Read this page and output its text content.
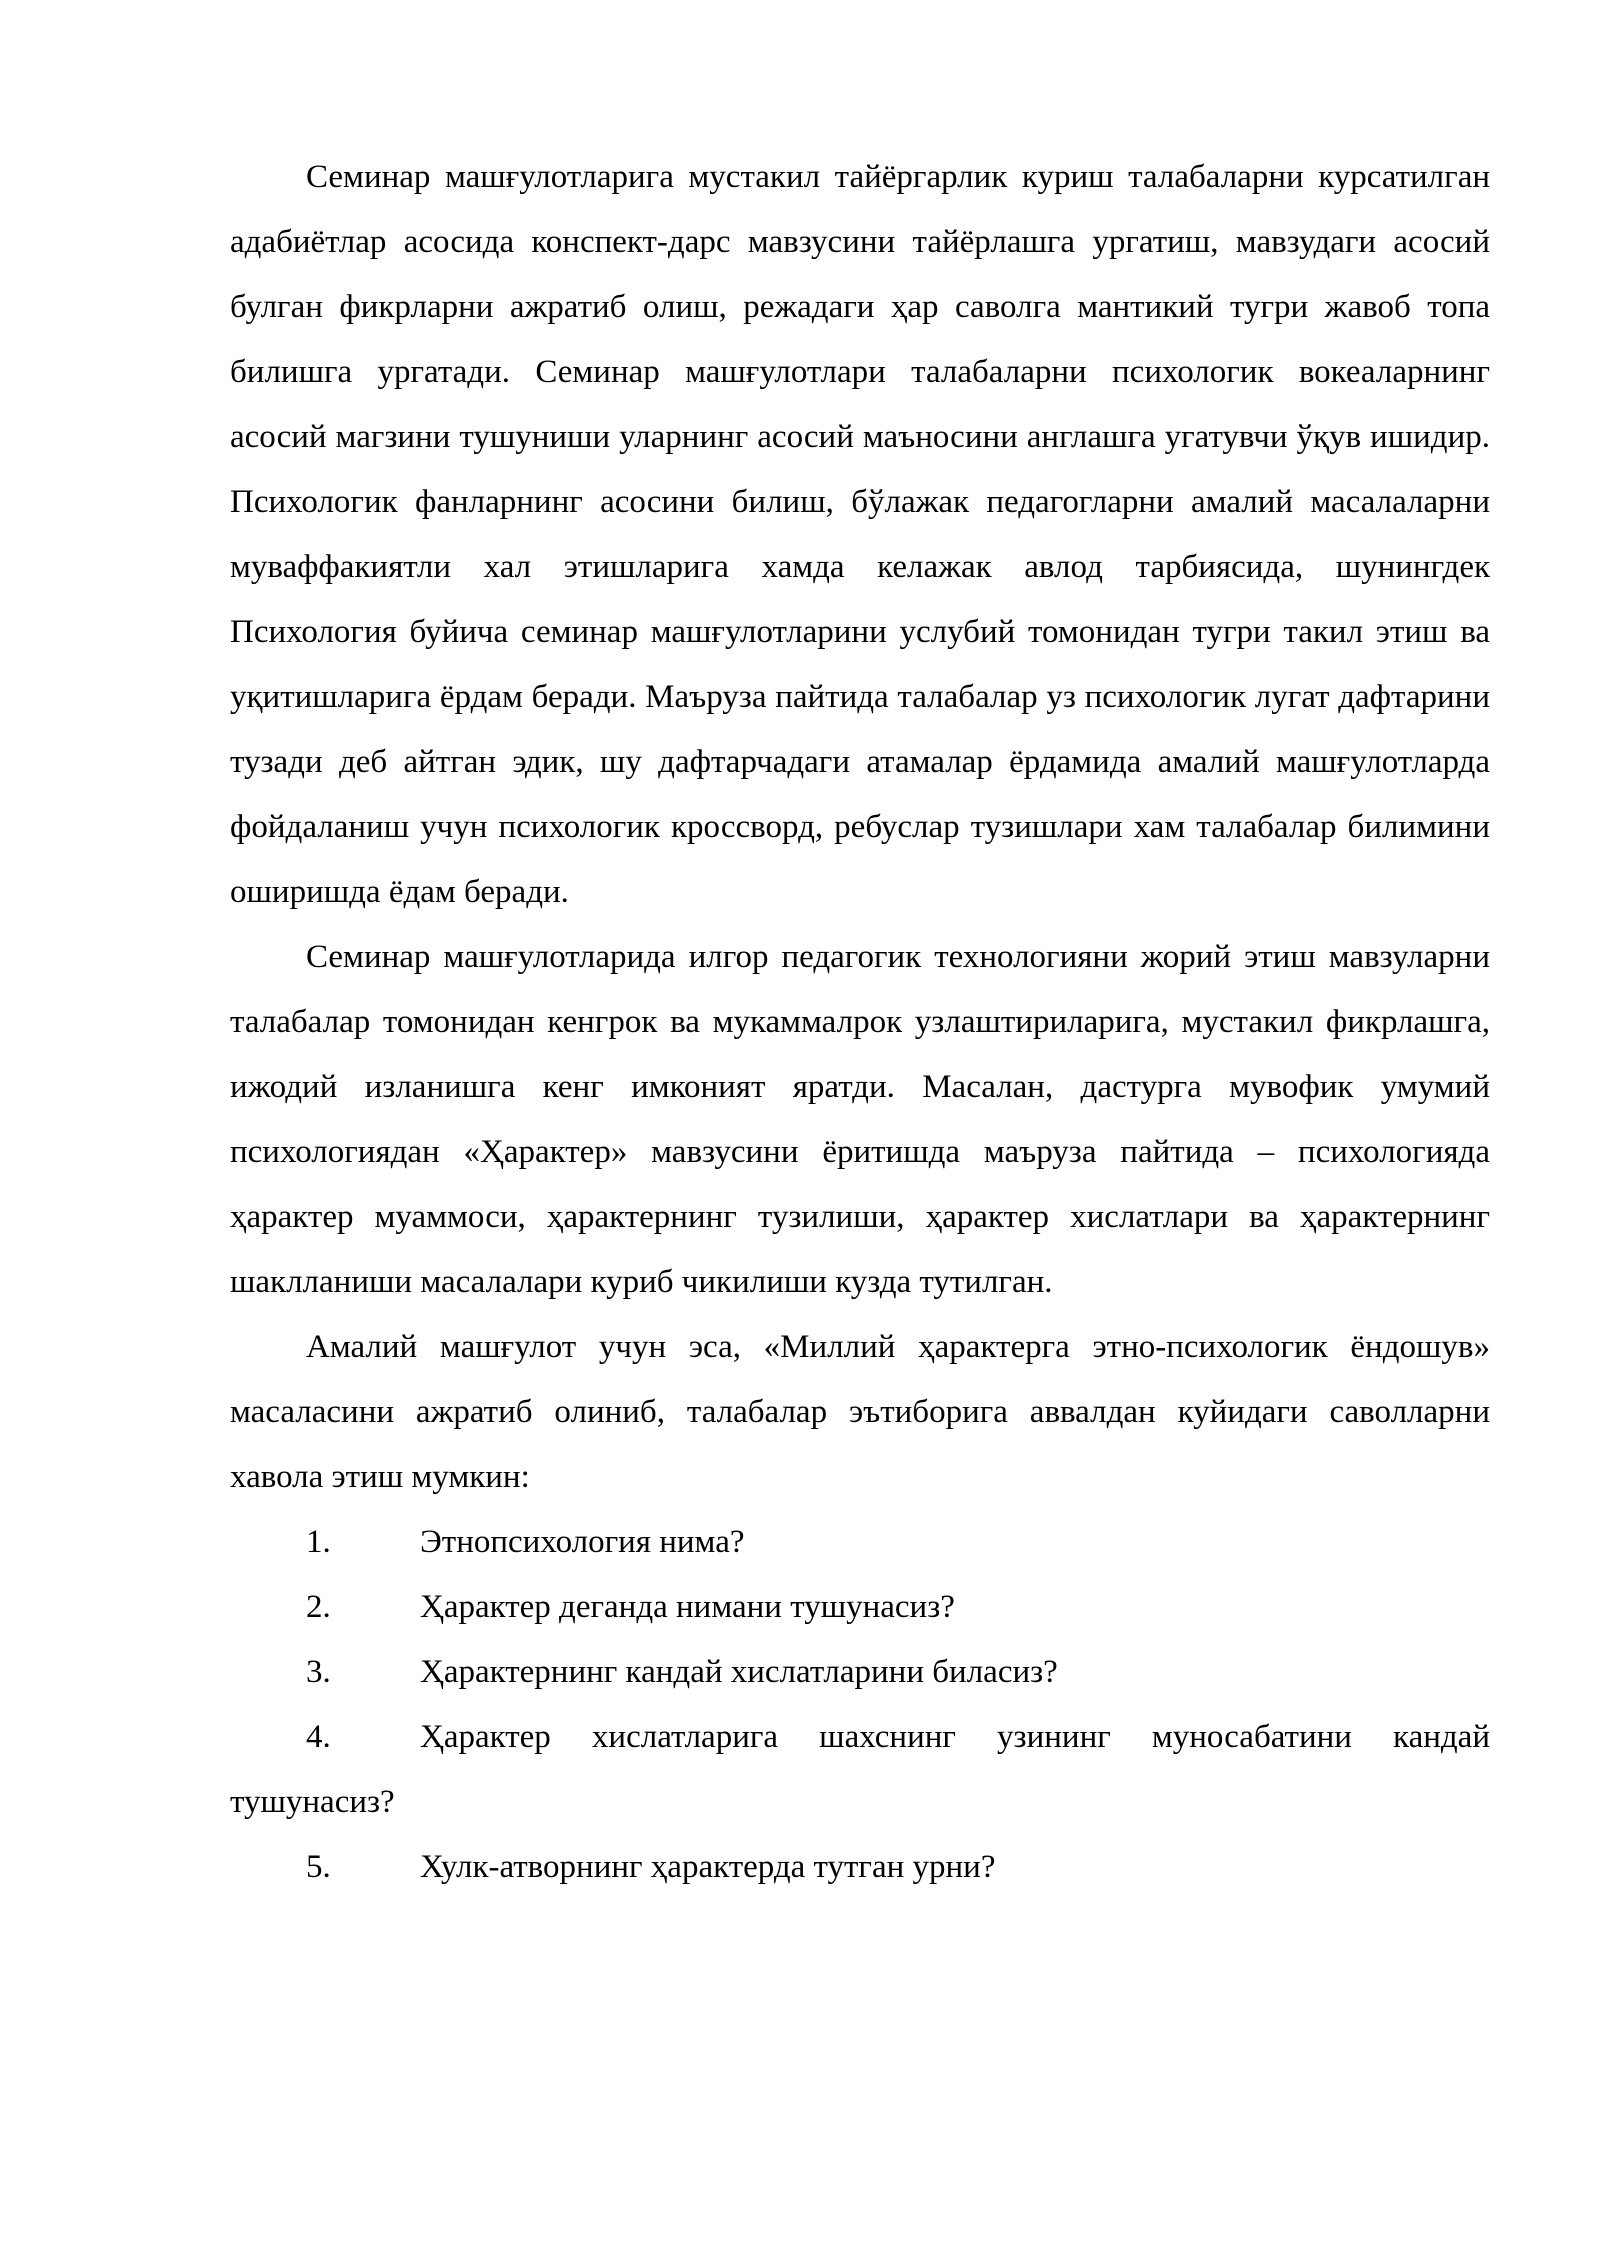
Семинар машғулотларига мустакил тайёргарлик куриш талабаларни курсатилган адабиётлар асосида конспект-дарс мавзусини тайёрлашга ургатиш, мавзудаги асосий булган фикрларни ажратиб олиш, режадаги ҳар саволга мантикий тугри жавоб топа билишга ургатади. Семинар машғулотлари талабаларни психологик вокеаларнинг асосий магзини тушуниши уларнинг асосий маъносини англашга угатувчи ўқув ишидир. Психологик фанларнинг асосини билиш, бўлажак педагогларни амалий масалаларни муваффакиятли хал этишларига хамда келажак авлод тарбиясида, шунингдек Психология буйича семинар машғулотларини услубий томонидан тугри такил этиш ва уқитишларига ёрдам беради. Маъруза пайтида талабалар уз психологик лугат дафтарини тузади деб айтган эдик, шу дафтарчадаги атамалар ёрдамида амалий машғулотларда фойдаланиш учун психологик кроссворд, ребуслар тузишлари хам талабалар билимини оширишда ёдам беради.

Семинар машғулотларида илгор педагогик технологияни жорий этиш мавзуларни талабалар томонидан кенгрок ва мукаммалрок узлаштириларига, мустакил фикрлашга, ижодий изланишга кенг имконият яратди. Масалан, дастурга мувофик умумий психологиядан «Ҳарактер» мавзусини ёритишда маъруза пайтида – психологияда ҳарактер муаммоси, ҳарактернинг тузилиши, ҳарактер хислатлари ва ҳарактернинг шаклланиши масалалари куриб чикилиши кузда тутилган.

Амалий машғулот учун эса, «Миллий ҳарактерга этно-психологик ёндошув» масаласини ажратиб олиниб, талабалар эътиборига аввалдан куйидаги саволларни хавола этиш мумкин:

1.	Этнопсихология нима?

2.	Ҳарактер деганда нимани тушунасиз?

3.	Ҳарактернинг кандай хислатларини биласиз?

4.	Ҳарактер хислатларига шахснинг узининг муносабатини кандай тушунасиз?

5.	Хулк-атворнинг ҳарактерда тутган урни?
